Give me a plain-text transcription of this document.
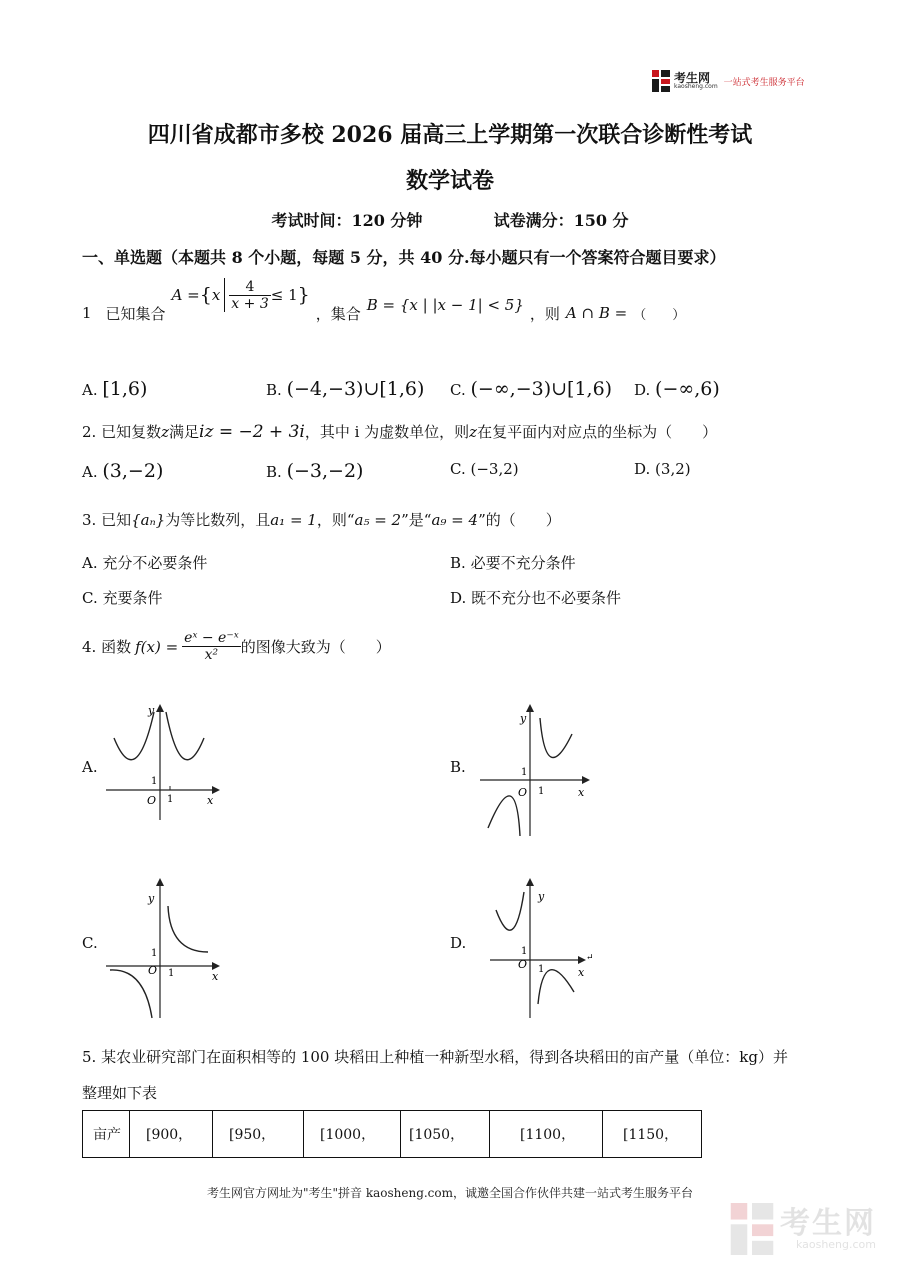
考生网
kaosheng.com 一站式考生服务平台
四川省成都市多校 2026 届高三上学期第一次联合诊断性考试
数学试卷
考试时间：120 分钟	试卷满分：150 分
一、单选题（本题共 8 个小题，每题 5 分，共 40 分.每小题只有一个答案符合题目要求）
1 已知集合
A = { x $\frac{4}{x + 3} \le 1$ }
，集合 B = {x | |x − 1| < 5} ，则 A ∩ B = （　　）
A. [1,6)	B. (−4,−3)∪[1,6) C. (−∞,−3)∪[1,6) D. (−∞,6)
2. 已知复数z满足iz = −2 + 3i，其中 i 为虚数单位，则z在复平面内对应点的坐标为（　　）
A. (3,−2)	B. (−3,−2)	C. (−3,2)	D. (3,2)
3. 已知{aₙ}为等比数列，且a₁ = 1，则“a₅ = 2”是“a₉ = 4”的（　　）
A. 充分不必要条件	B. 必要不充分条件
C. 充要条件	D. 既不充分也不必要条件
4. 函数 $f(x) = \frac{\text{eˣ − e⁻ˣ}}{\text{x²}}$ 的图像大致为（　　）
A.
y
x
O 1
1
B.
y
x
O 1
1
C.
y
x
O 1
1
D.
y
x
O 1
1
↵
5. 某农业研究部门在面积相等的 100 块稻田上种植一种新型水稻，得到各块稻田的亩产量（单位：kg）并
整理如下表
亩产	[900，	[950，	[1000，	[1050，	[1100，	[1150，
考生网官方网址为"考生"拼音 kaosheng.com，诚邀全国合作伙伴共建一站式考生服务平台
考生网
kaosheng.com
